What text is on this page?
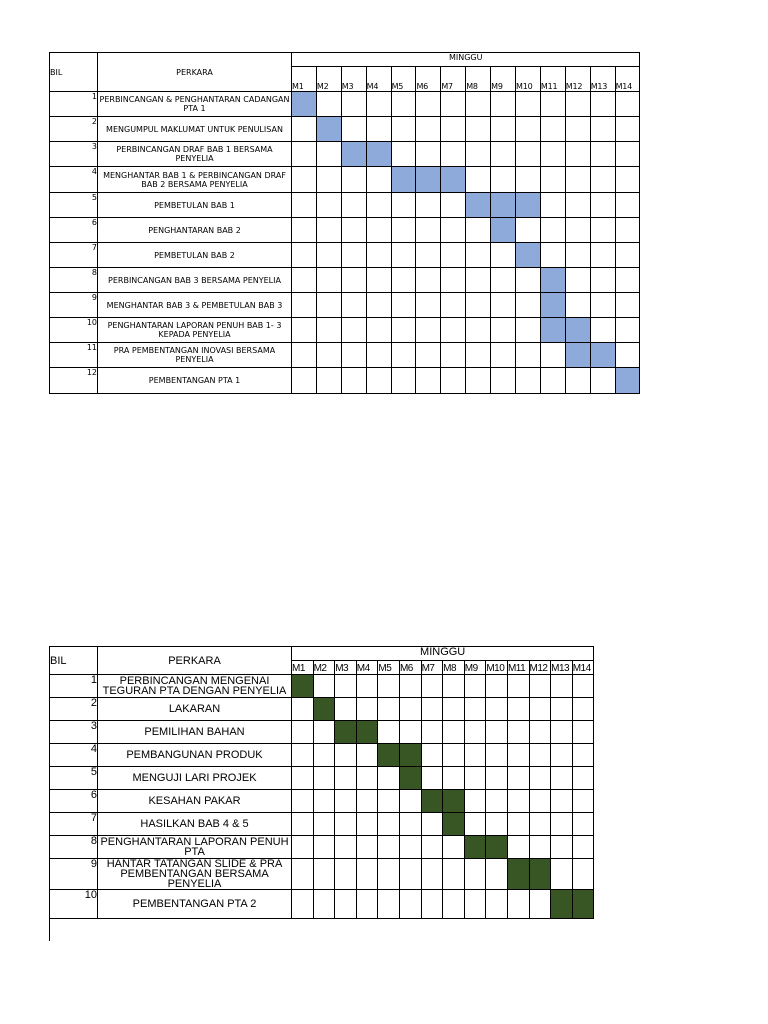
BIL	PERKARA	MINGGU													
		M1	M2	M3	M4	M5	M6	M7	M8	M9	M10	M11	M12	M13	M14
1	PERBINCANGAN & PENGHANTARAN CADANGAN PTA 1														
2	MENGUMPUL MAKLUMAT UNTUK PENULISAN														
3	PERBINCANGAN DRAF BAB 1 BERSAMA PENYELIA														
4	MENGHANTAR BAB 1 & PERBINCANGAN DRAF BAB 2 BERSAMA PENYELIA														
5	PEMBETULAN BAB 1														
6	PENGHANTARAN BAB 2														
7	PEMBETULAN BAB 2														
8	PERBINCANGAN BAB 3 BERSAMA PENYELIA														
9	MENGHANTAR BAB 3 & PEMBETULAN BAB 3														
10	PENGHANTARAN LAPORAN PENUH BAB 1- 3 KEPADA PENYELIA														
11	PRA PEMBENTANGAN INOVASI BERSAMA PENYELIA														
12	PEMBENTANGAN PTA 1														
BIL	PERKARA	MINGGU													
		M1	M2	M3	M4	M5	M6	M7	M8	M9	M10	M11	M12	M13	M14
1	PERBINCANGAN MENGENAI TEGURAN PTA DENGAN PENYELIA														
2	LAKARAN														
3	PEMILIHAN BAHAN														
4	PEMBANGUNAN PRODUK														
5	MENGUJI LARI PROJEK														
6	KESAHAN PAKAR														
7	HASILKAN BAB 4 & 5														
8	PENGHANTARAN LAPORAN PENUH PTA														
9	HANTAR TATANGAN SLIDE & PRA PEMBENTANGAN BERSAMA PENYELIA														
10	PEMBENTANGAN PTA 2														
